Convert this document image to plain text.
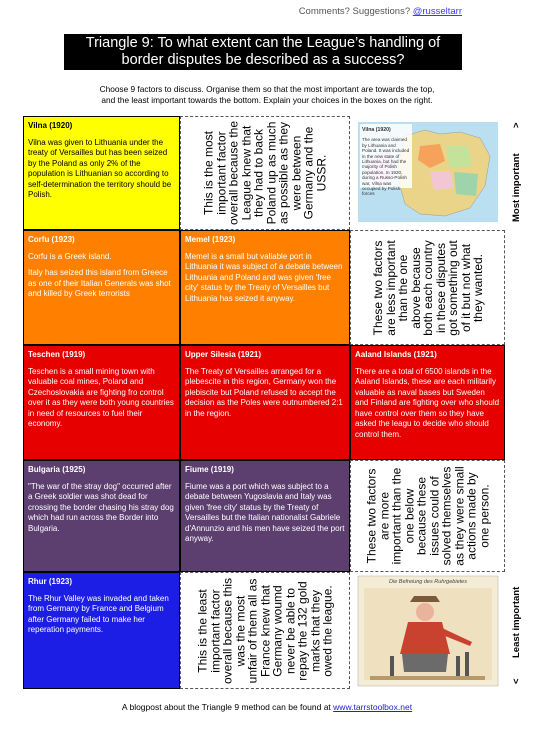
Comments? Suggestions? @russeltarr
Triangle 9: To what extent can the League’s handling of border disputes be described as a success?
Choose 9 factors to discuss. Organise them so that the most important are towards the top,
and the least important towards the bottom. Explain your choices in the boxes on the right.
Vilna (1920)

Vilna was given to Lithuania under the treaty of Versailles but has been seized by the Poland as only 2% of the population is Lithuanian so according to self-determination the territory should be Polish.	This is the most
important factor
overall because the
League knew that
they had to back
Poland up as much
as possible as they
were between
Germany and the
USSR.
Vilna (1920)
The area was claimed by Lithuania and Poland. It was included in the new state of Lithuania, but had the majority of Polish population. In 1920, during a Russo-Polish war, Vilna was occupied by Polish forces
Corfu (1923)

Corfu is a Greek island.

Italy has seized this island from Greece as one of their Italian Generals was shot and killed by Greek terrorists

Memel (1923)

Memel is a small but valiable port in Lithuania it was subject of a debate between Lithuania and Poland and was given 'free city' status by the Treaty of Versailles but Lithuania has seized it anyway.

These two factors
are less important
than the one
above because
both each country
in these disputes
got something out
of it but not what
they wanted.
Teschen (1919)

Teschen is a small mining town with valuable coal mines, Poland and Czechoslovakia are fighting fro control over it as they were both young countries in need of resources to fuel their economy.

Upper Silesia (1921)

The Treaty of Versailles arranged for a plebescite in this region, Germany won the plebiscite but Poland refused to accept the decision as the Poles were outnumbered 2:1 in the region.

Aaland Islands (1921)

There are a total of 6500 islands in the Aaland Islands, these are each militarily valuable as naval bases but Sweden and Finland are fighting over who should have control over them so they have asked the leagu to decide who should control them.

Bulgaria (1925)

"The war of the stray dog" occurred after a Greek soldier was shot dead for crossing the border chasing his stray dog which had run across the Border into Bulgaria.

Fiume (1919)

Fiume was a port which was subject to a debate between Yugoslavia and Italy was given 'free city' status by the Treaty of Versailles but the Italian nationalist Gabriele d'Annunzio and his men have seized the port anyway.	These two factors
are more
important than the
one below
because these
issues could of
solved themselves
as they were small
actions made by
one person.
Rhur (1923)

The Rhur Valley was invaded and taken from Germany by France and Belgium after Germany failed to make her reperation payments.

This is the least
important factor
overall because this
was the most
unfair of them all as
France knew that
Germany woumd
never be able to
repay the 132 gold
marks that they
owed the league.
Die Befreiung des Ruhrgebietes
Most important
>
Least important
<
A blogpost about the Triangle 9 method can be found at www.tarrstoolbox.net
